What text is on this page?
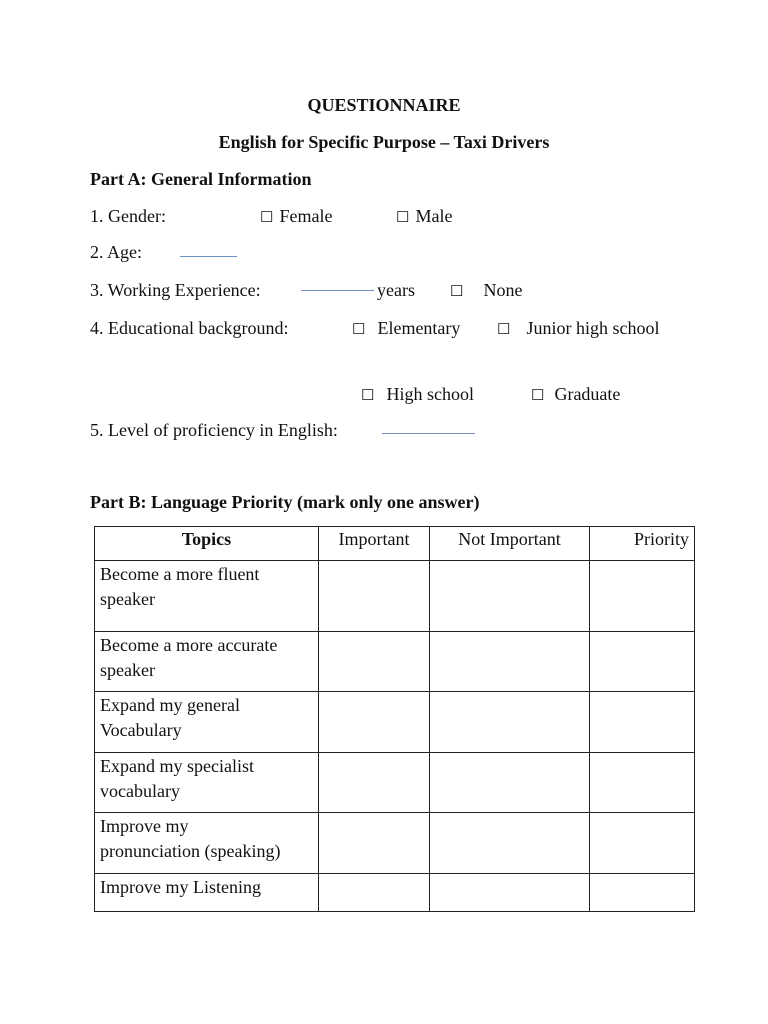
QUESTIONNAIRE
English for Specific Purpose – Taxi Drivers
Part A: General Information
1. Gender:	☐ Female	☐ Male
2. Age:
3. Working Experience:	years ☐ None
4. Educational background:	☐ Elementary ☐ Junior high school
☐ High school	☐ Graduate
5. Level of proficiency in English:
Part B: Language Priority (mark only one answer)
Topics	Important	Not Important	Priority

Become a more fluent
speaker			

Become a more accurate
speaker			

Expand my general
Vocabulary			

Expand my specialist
vocabulary			

Improve my
pronunciation (speaking)			

Improve my Listening			
